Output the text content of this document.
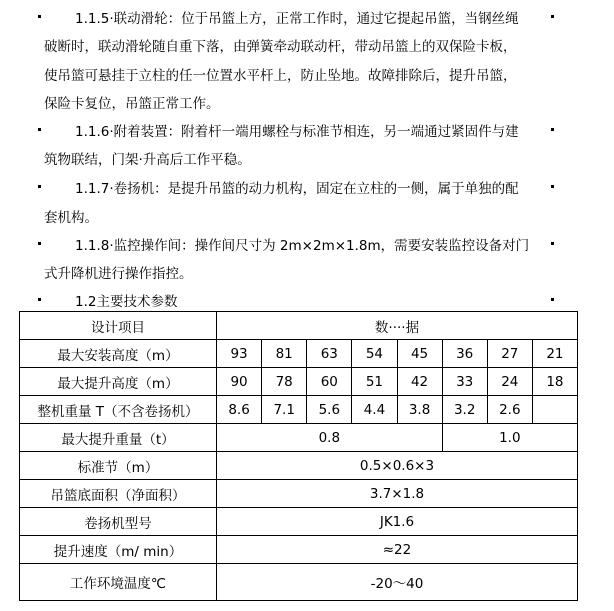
1.1.5·联动滑轮：位于吊篮上方，正常工作时，通过它提起吊篮，当钢丝绳
破断时，联动滑轮随自重下落，由弹簧牵动联动杆，带动吊篮上的双保险卡板，
使吊篮可悬挂于立柱的任一位置水平杆上，防止坠地。故障排除后，提升吊篮，
保险卡复位，吊篮正常工作。
1.1.6·附着装置：附着杆一端用螺栓与标准节相连，另一端通过紧固件与建
筑物联结，门架·升高后工作平稳。
1.1.7·卷扬机：是提升吊篮的动力机构，固定在立柱的一侧，属于单独的配
套机构。
1.1.8·监控操作间：操作间尺寸为 2m×2m×1.8m，需要安装监控设备对门
式升降机进行操作指控。
1.2主要技术参数
设计项目	数····据							
最大安装高度（m）	93	81	63	54	45	36	27	21
最大提升高度（m）	90	78	60	51	42	33	24	18
整机重量 T（不含卷扬机）	8.6	7.1	5.6	4.4	3.8	3.2	2.6	
最大提升重量（t）	0.8					1.0		
标准节（m）	0.5×0.6×3							
吊篮底面积（净面积）	3.7×1.8							
卷扬机型号	JK1.6							
提升速度（m/ min）	≈22							
工作环境温度℃	-20～40							
